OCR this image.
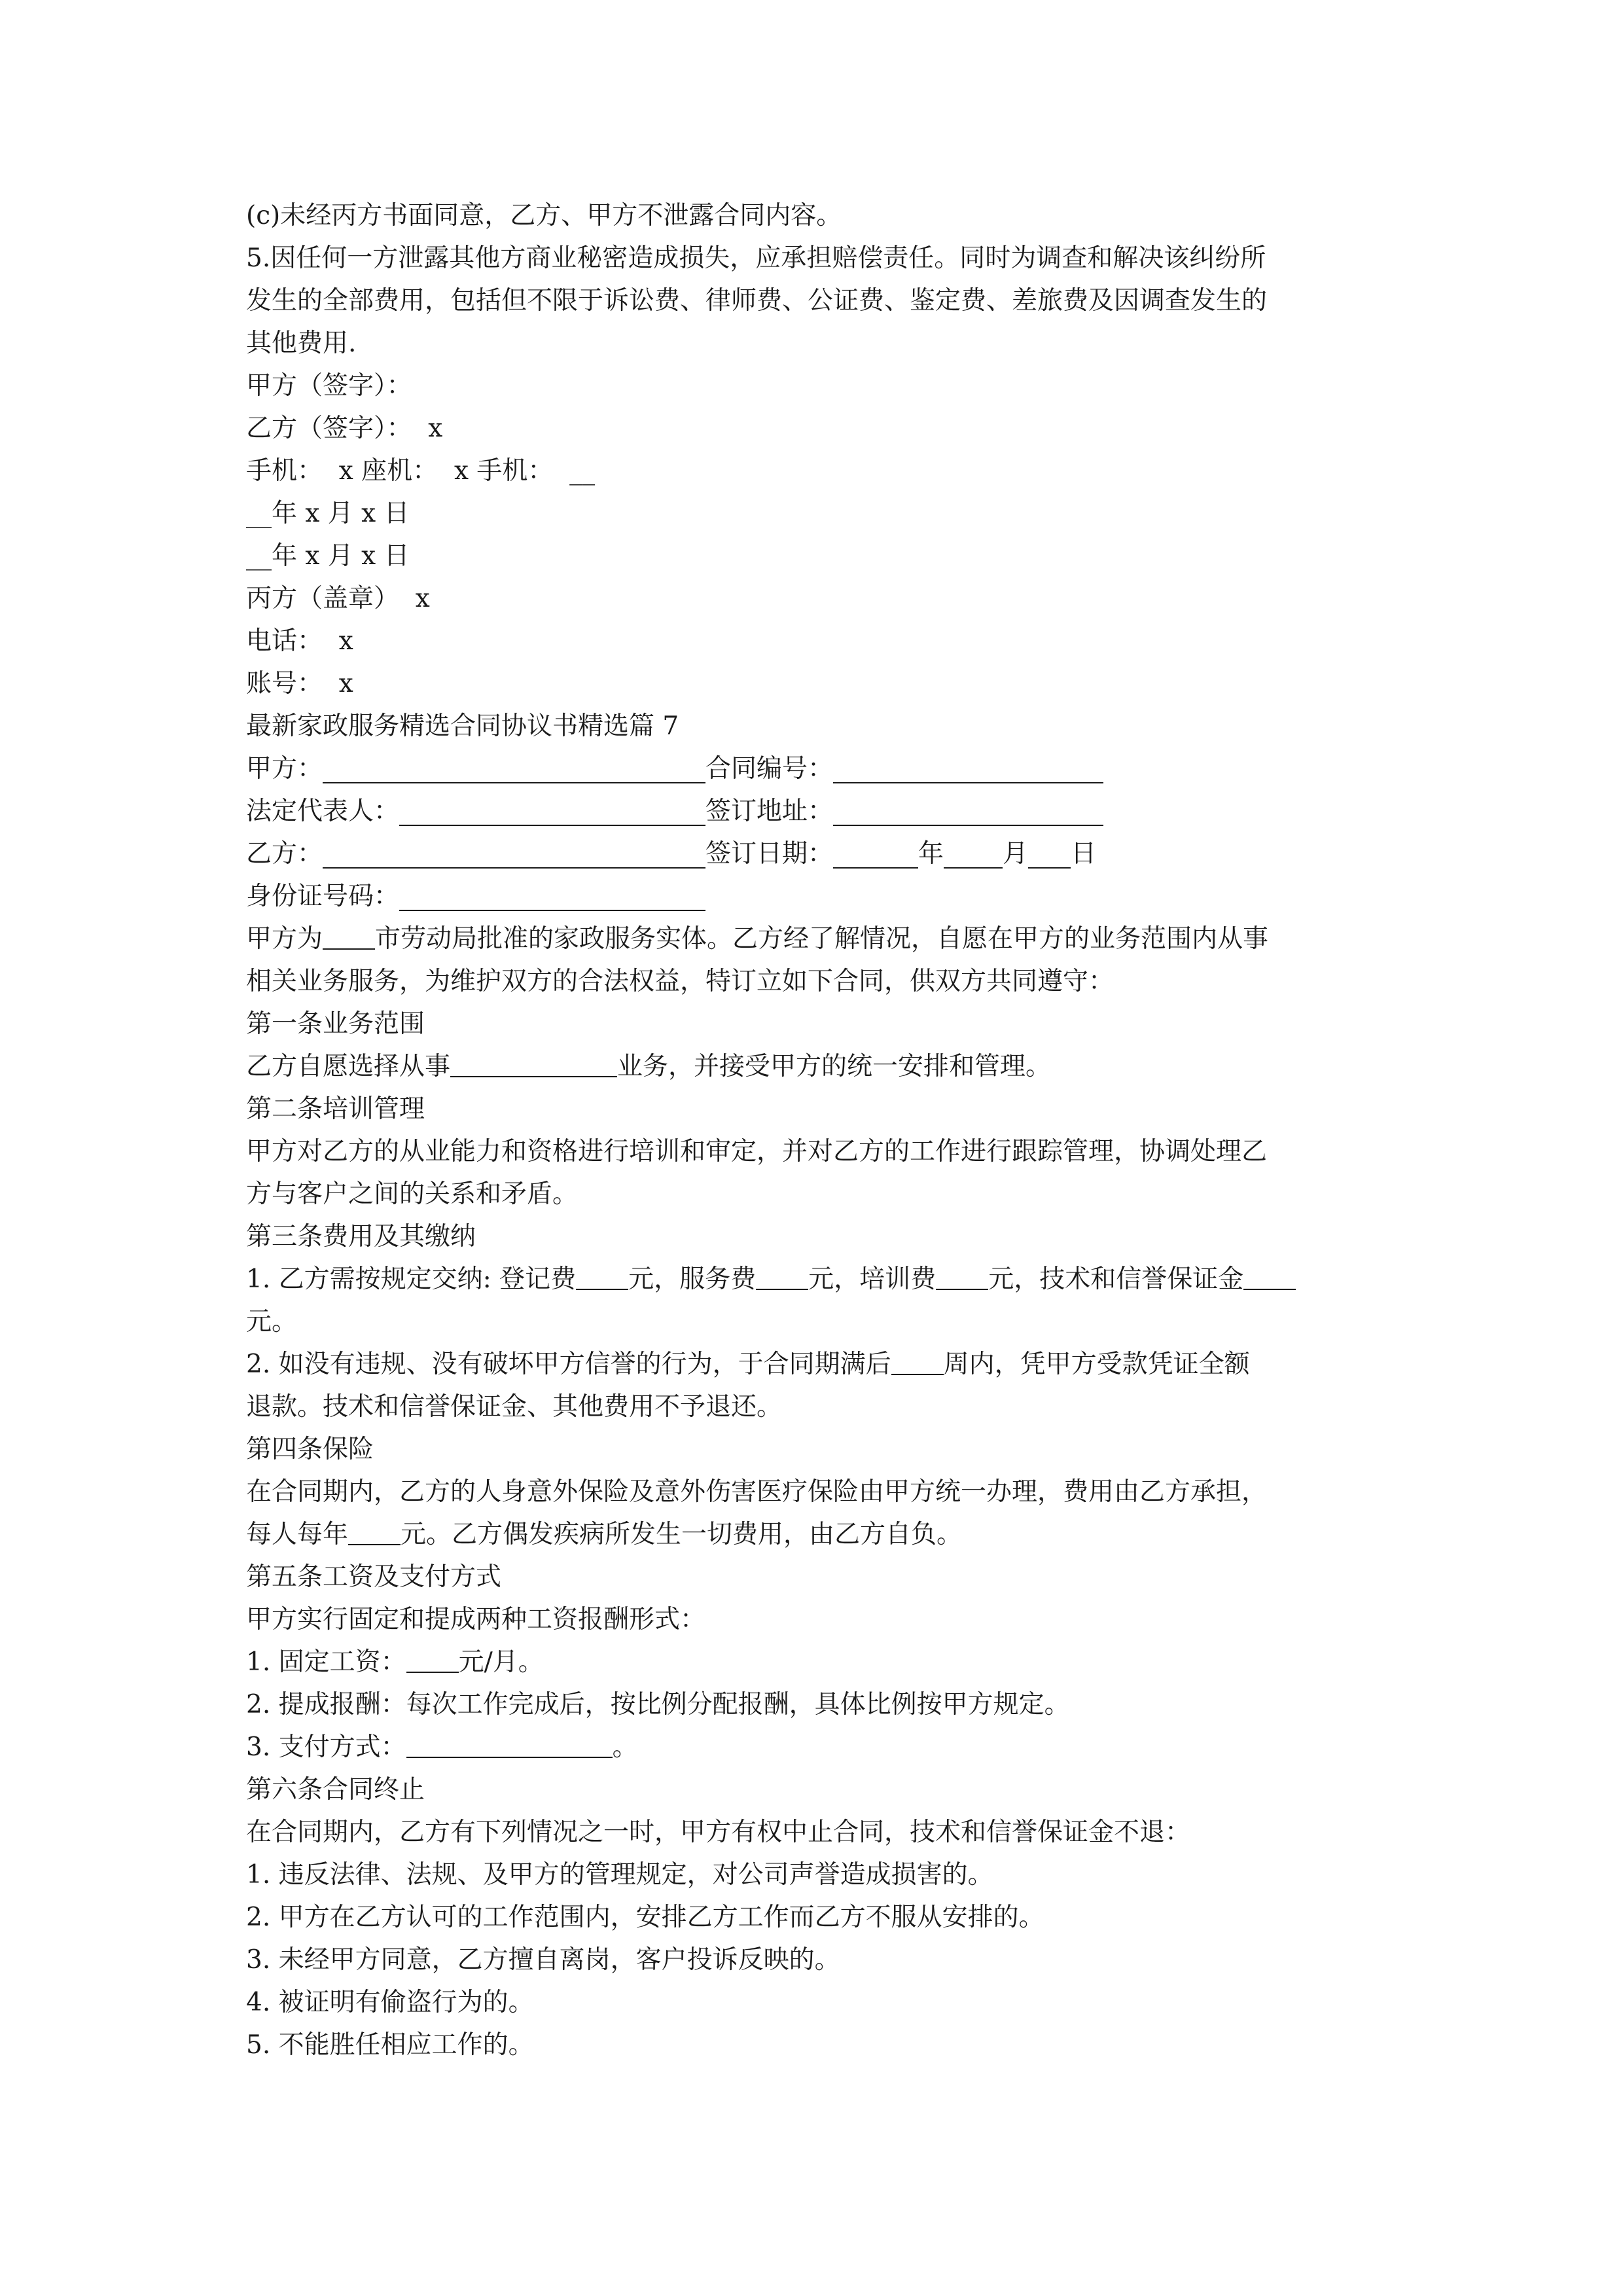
(c)未经丙方书面同意，乙方、甲方不泄露合同内容。
5.因任何一方泄露其他方商业秘密造成损失，应承担赔偿责任。同时为调查和解决该纠纷所
发生的全部费用，包括但不限于诉讼费、律师费、公证费、鉴定费、差旅费及因调查发生的
其他费用.
甲方（签字）：
乙方（签字）：  x
手机：  x 座机：  x 手机：  __
__年 x 月 x 日
__年 x 月 x 日
丙方（盖章）  x
电话：  x
账号：  x
最新家政服务精选合同协议书精选篇 7
甲方：	合同编号：
法定代表人：	签订地址：
乙方：	签订日期：	年 月 日
身份证号码：
甲方为 市劳动局批准的家政服务实体。乙方经了解情况，自愿在甲方的业务范围内从事
相关业务服务，为维护双方的合法权益，特订立如下合同，供双方共同遵守：
第一条业务范围
乙方自愿选择从事	业务，并接受甲方的统一安排和管理。
第二条培训管理
甲方对乙方的从业能力和资格进行培训和审定，并对乙方的工作进行跟踪管理，协调处理乙
方与客户之间的关系和矛盾。
第三条费用及其缴纳
1. 乙方需按规定交纳: 登记费 元，服务费 元，培训费 元，技术和信誉保证金
元。
2. 如没有违规、没有破坏甲方信誉的行为，于合同期满后 周内，凭甲方受款凭证全额
退款。技术和信誉保证金、其他费用不予退还。
第四条保险
在合同期内，乙方的人身意外保险及意外伤害医疗保险由甲方统一办理，费用由乙方承担，
每人每年 元。乙方偶发疾病所发生一切费用，由乙方自负。
第五条工资及支付方式
甲方实行固定和提成两种工资报酬形式：
1. 固定工资： 元/月。
2. 提成报酬：每次工作完成后，按比例分配报酬，具体比例按甲方规定。
3. 支付方式：	。
第六条合同终止
在合同期内，乙方有下列情况之一时，甲方有权中止合同，技术和信誉保证金不退：
1. 违反法律、法规、及甲方的管理规定，对公司声誉造成损害的。
2. 甲方在乙方认可的工作范围内，安排乙方工作而乙方不服从安排的。
3. 未经甲方同意，乙方擅自离岗，客户投诉反映的。
4. 被证明有偷盗行为的。
5. 不能胜任相应工作的。
